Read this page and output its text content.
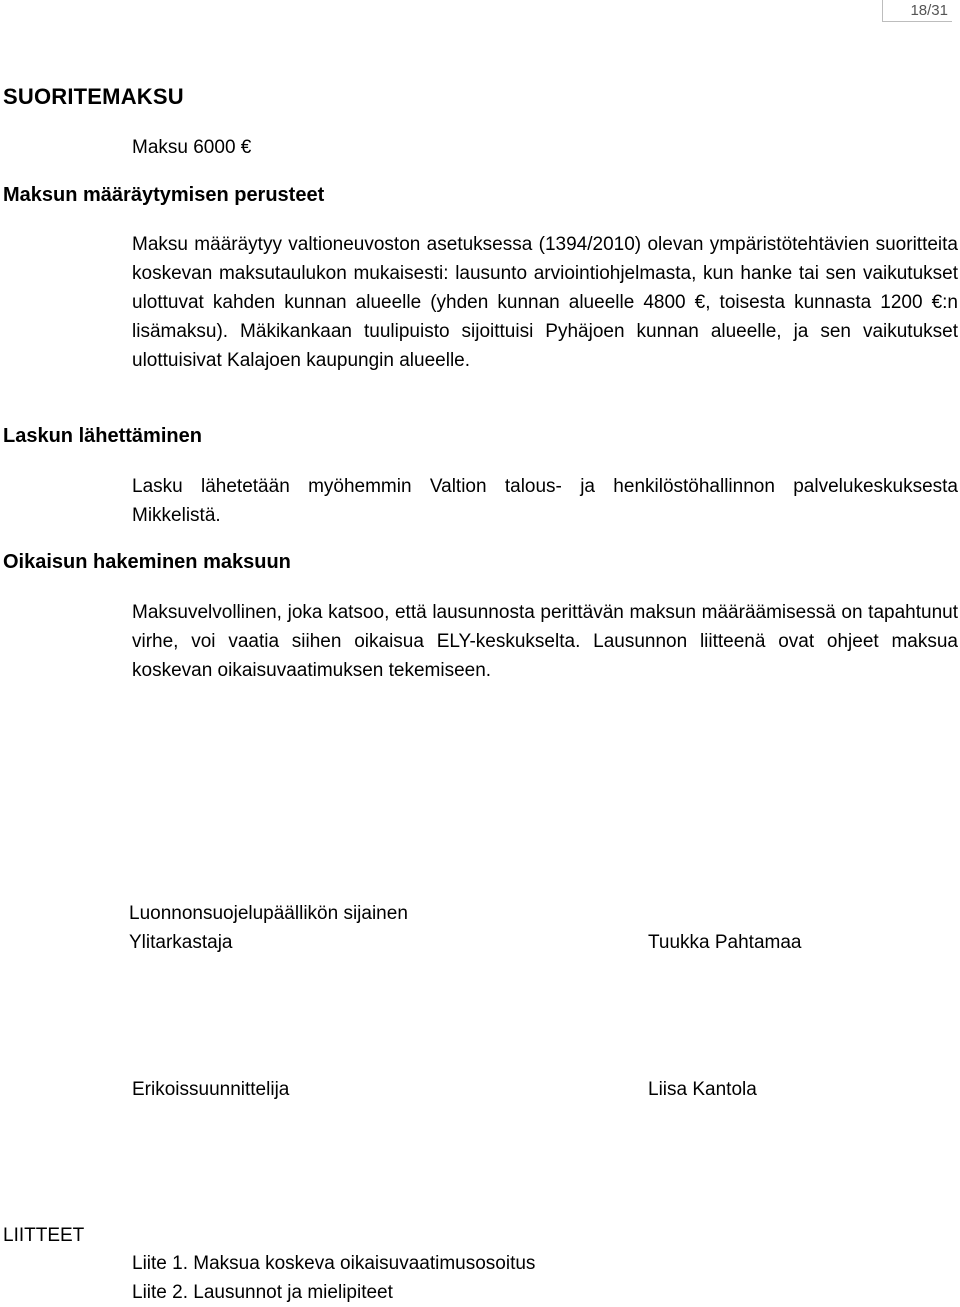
18/31
SUORITEMAKSU
Maksu 6000 €
Maksun määräytymisen perusteet
Maksu määräytyy valtioneuvoston asetuksessa (1394/2010) olevan ympäristötehtävien suoritteita koskevan maksutaulukon mukaisesti: lausunto arviointiohjelmasta, kun hanke tai sen vaikutukset ulottuvat kahden kunnan alueelle (yhden kunnan alueelle 4800 €, toisesta kunnasta 1200 €:n lisämaksu). Mäkikankaan tuulipuisto sijoittuisi Pyhäjoen kunnan alueelle, ja sen vaikutukset ulottuisivat Kalajoen kaupungin alueelle.
Laskun lähettäminen
Lasku lähetetään myöhemmin Valtion talous- ja henkilöstöhallinnon palvelukeskuksesta Mikkelistä.
Oikaisun hakeminen maksuun
Maksuvelvollinen, joka katsoo, että lausunnosta perittävän maksun määräämisessä on tapahtunut virhe, voi vaatia siihen oikaisua ELY-keskukselta. Lausunnon liitteenä ovat ohjeet maksua koskevan oikaisuvaatimuksen tekemiseen.
Luonnonsuojelupäällikön sijainen
Ylitarkastaja	Tuukka Pahtamaa
Erikoissuunnittelija	Liisa Kantola
LIITTEET
Liite 1. Maksua koskeva oikaisuvaatimusosoitus
Liite 2. Lausunnot ja mielipiteet
